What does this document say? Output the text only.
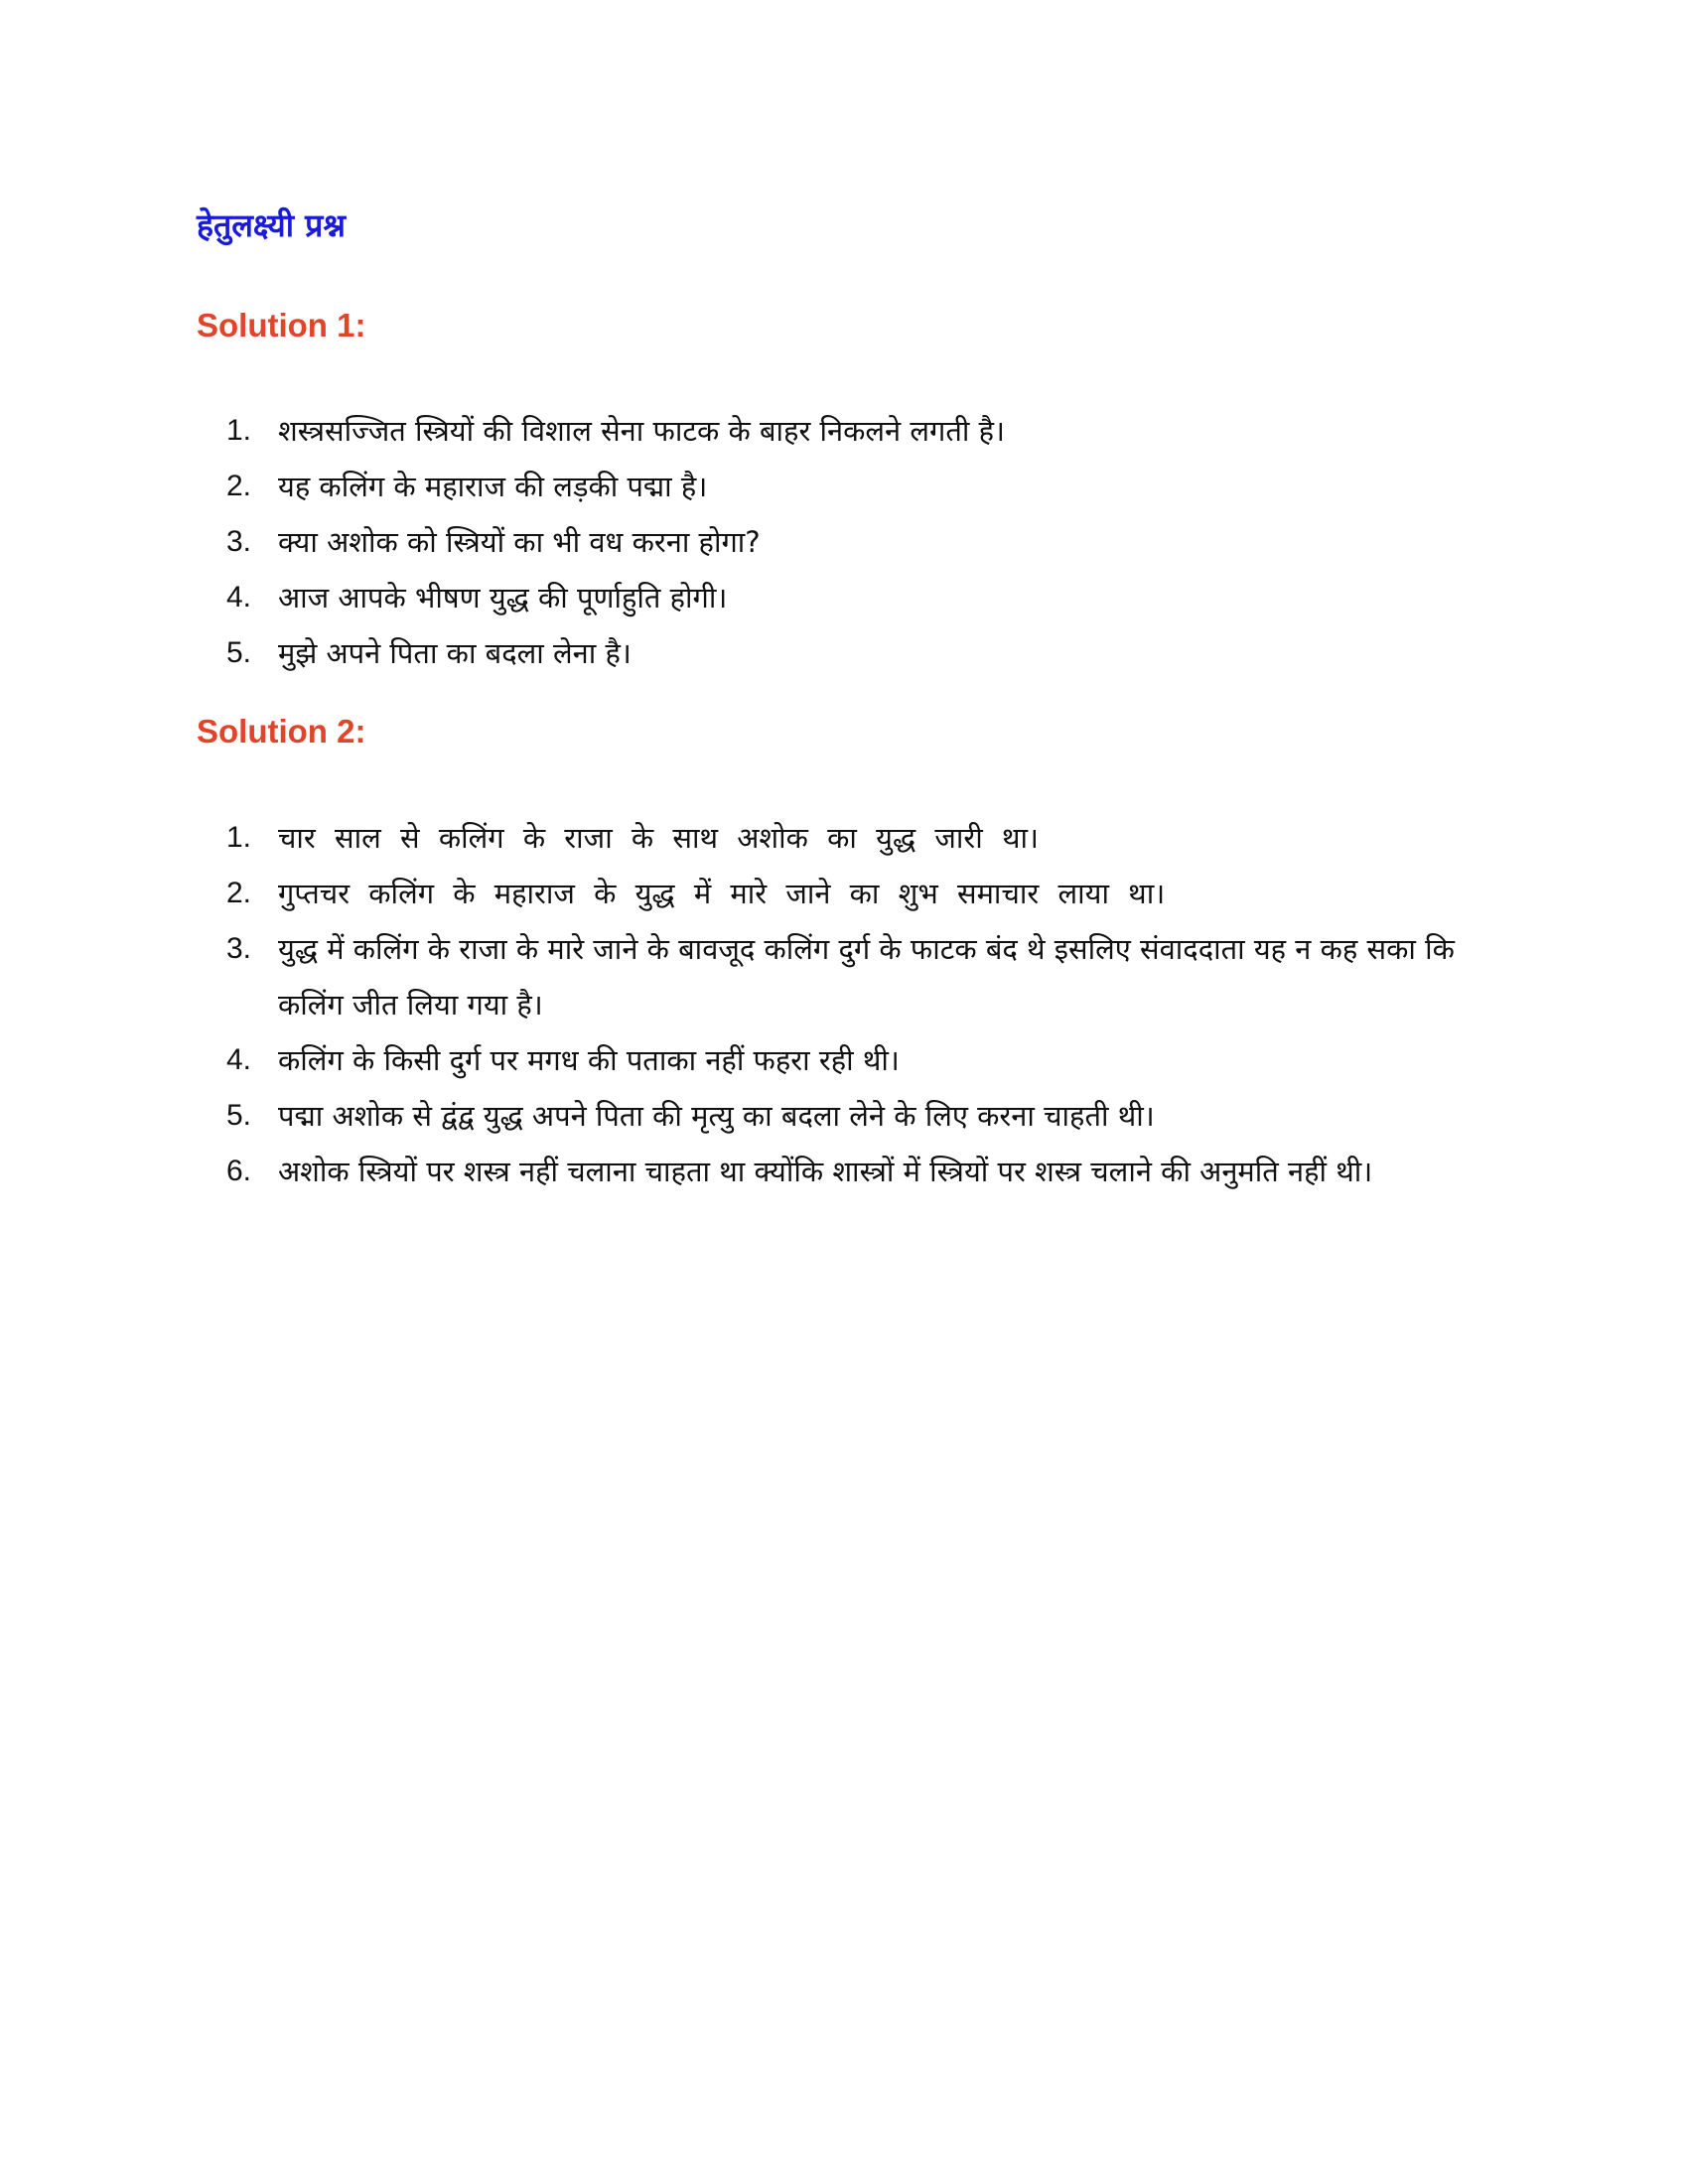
हेतुलक्ष्यी प्रश्न
Solution 1:
1. शस्त्रसज्जित स्त्रियों की विशाल सेना फाटक के बाहर निकलने लगती है।
2. यह कलिंग के महाराज की लड़की पद्मा है।
3. क्या अशोक को स्त्रियों का भी वध करना होगा?
4. आज आपके भीषण युद्ध की पूर्णाहुति होगी।
5. मुझे अपने पिता का बदला लेना है।
Solution 2:
1. चार साल से कलिंग के राजा के साथ अशोक का युद्ध जारी था।
2. गुप्तचर कलिंग के महाराज के युद्ध में मारे जाने का शुभ समाचार लाया था।
3. युद्ध में कलिंग के राजा के मारे जाने के बावजूद कलिंग दुर्ग के फाटक बंद थे इसलिए संवाददाता यह न कह सका कि कलिंग जीत लिया गया है।
4. कलिंग के किसी दुर्ग पर मगध की पताका नहीं फहरा रही थी।
5. पद्मा अशोक से द्वंद्व युद्ध अपने पिता की मृत्यु का बदला लेने के लिए करना चाहती थी।
6. अशोक स्त्रियों पर शस्त्र नहीं चलाना चाहता था क्योंकि शास्त्रों में स्त्रियों पर शस्त्र चलाने की अनुमति नहीं थी।
